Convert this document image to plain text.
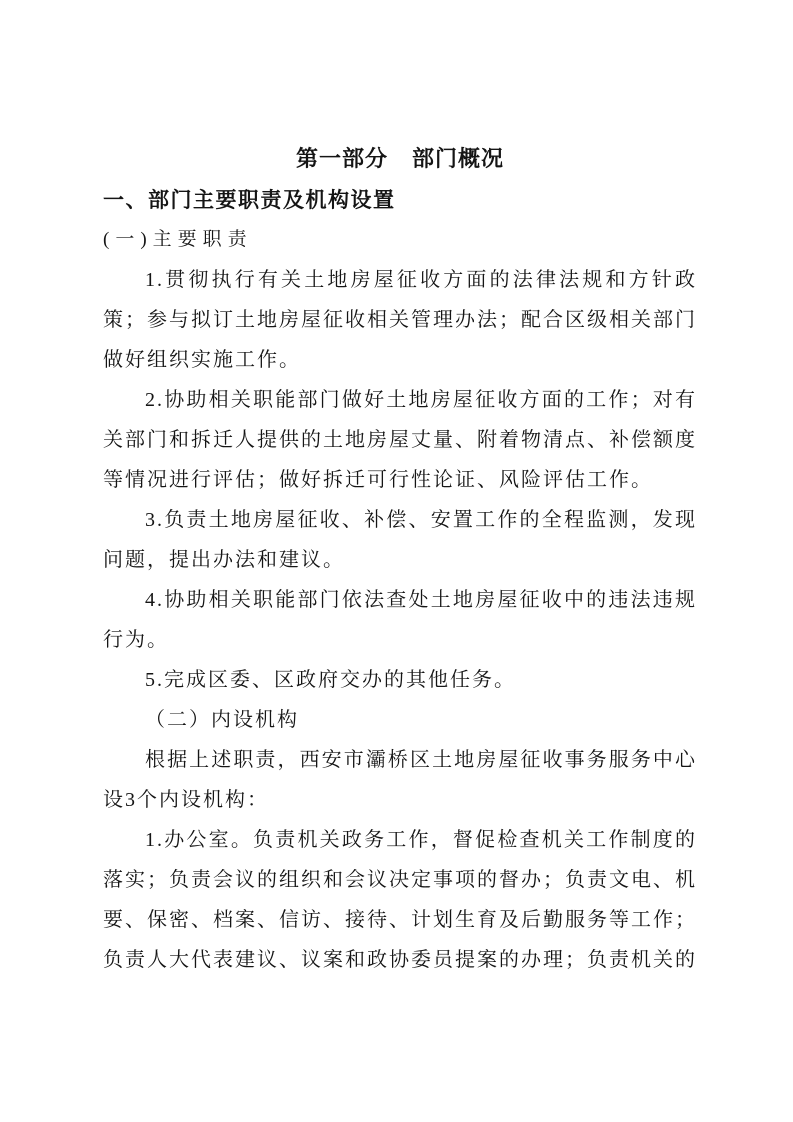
第一部分 部门概况
一、部门主要职责及机构设置
(一)主要职责
1.贯彻执行有关土地房屋征收方面的法律法规和方针政
策；参与拟订土地房屋征收相关管理办法；配合区级相关部门
做好组织实施工作。
2.协助相关职能部门做好土地房屋征收方面的工作；对有
关部门和拆迁人提供的土地房屋丈量、附着物清点、补偿额度
等情况进行评估；做好拆迁可行性论证、风险评估工作。
3.负责土地房屋征收、补偿、安置工作的全程监测，发现
问题，提出办法和建议。
4.协助相关职能部门依法查处土地房屋征收中的违法违规
行为。
5.完成区委、区政府交办的其他任务。
（二）内设机构
根据上述职责，西安市灞桥区土地房屋征收事务服务中心
设3个内设机构：
1.办公室。负责机关政务工作，督促检查机关工作制度的
落实；负责会议的组织和会议决定事项的督办；负责文电、机
要、保密、档案、信访、接待、计划生育及后勤服务等工作；
负责人大代表建议、议案和政协委员提案的办理；负责机关的
